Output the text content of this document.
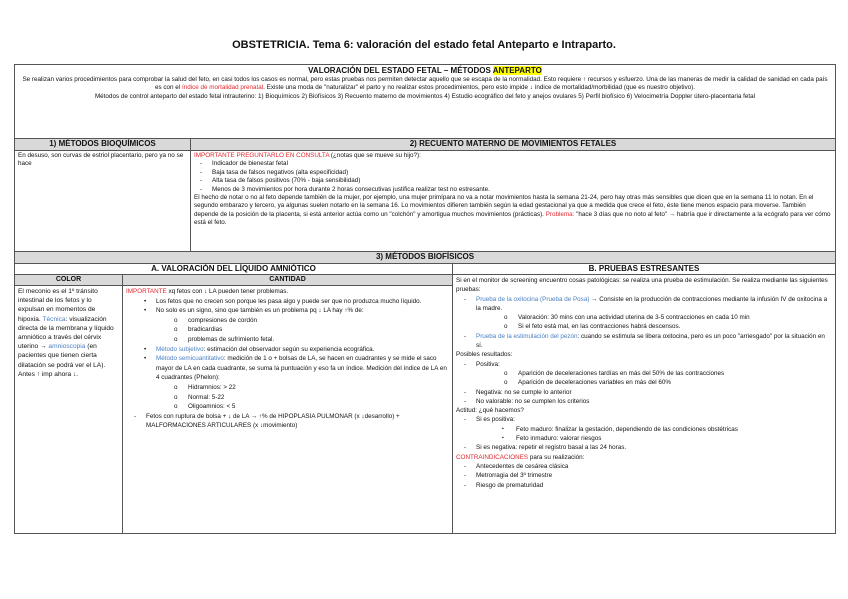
OBSTETRICIA. Tema 6: valoración del estado fetal Anteparto e Intraparto.
VALORACIÓN DEL ESTADO FETAL – MÉTODOS ANTEPARTO

Se realizan varios procedimientos para comprobar la salud del feto, en casi todos los casos es normal, pero estas pruebas nos permiten detectar aquello que se escapa de la normalidad. Esto requiere ↑ recursos y esfuerzo. Una de las maneras de medir la calidad de sanidad en cada país es con el índice de mortalidad prenatal. Existe una moda de "naturalizar" el parto y no realizar estos procedimientos, pero esto impide ↓ índice de mortalidad/morbilidad (que es nuestro objetivo).

Métodos de control anteparto del estado fetal intrauterino: 1) Bioquímicos 2) Biofísicos 3) Recuento materno de movimientos 4) Estudio ecográfico del feto y anejos ovulares 5) Perfil biofísico 6) Velocimetría Doppler útero-placentaria fetal

1) MÉTODOS BIOQUÍMICOS	2) RECUENTO MATERNO DE MOVIMIENTOS FETALES
En desuso, son curvas de estriol placentario, pero ya no se hace

IMPORTANTE PREGUNTARLO EN CONSULTA (¿notas que se mueve su hijo?):

- Indicador de bienestar fetal
- Baja tasa de falsos negativos (alta especificidad)
- Alta tasa de falsos positivos (70% - baja sensibilidad)
- Menos de 3 movimientos por hora durante 2 horas consecutivas justifica realizar test no estresante.

El hecho de notar o no al feto depende también de la mujer, por ejemplo, una mujer primípara no va a notar movimientos hasta la semana 21-24, pero hay otras más sensibles que dicen que en la semana 11 lo notan. En el segundo embarazo y tercero, ya algunas suelen notarlo en la semana 16. Lo movimientos difieren también según la edad gestacional ya que a medida que crece el feto, éste tiene menos espacio para moverse. También depende de la posición de la placenta, si está anterior actúa como un "colchón" y amortigua muchos movimientos (prácticas). Problema: "hace 3 días que no noto al feto" → habría que ir directamente a la ecógrafo para ver cómo está el feto.

3) MÉTODOS BIOFÍSICOS
A. VALORACIÓN DEL LÍQUIDO AMNIÓTICO	B. PRUEBAS ESTRESANTES
COLOR	CANTIDAD
El meconio es el 1º tránsito intestinal de los fetos y lo expulsan en momentos de hipoxia. Técnica: visualización directa de la membrana y líquido amniótico a través del cérvix uterino → amnioscopia (en pacientes que tienen cierta dilatación se podrá ver el LA). Antes ↑ imp ahora ↓.

IMPORTANTE xq fetos con ↓ LA pueden tener problemas.

• Los fetos que no crecen son porque les pasa algo y puede ser que no produzca mucho líquido.
• No solo es un signo, sino que también es un problema pq ↓ LA hay ↑% de:
o compresiones de cordón
o bradicardias
o problemas de sufrimiento fetal.
• Método subjetivo: estimación del observador según su experiencia ecográfica.
• Método semicuantitativo: medición de 1 o + bolsas de LA, se hacen en cuadrantes y se mide el saco mayor de LA en cada cuadrante, se suma la puntuación y eso fa un índice. Medición del índice de LA en 4 cuadrantes (Phelon):
o Hidramnios: > 22
o Normal: 5-22
o Oligoamnios: < 5
- Fetos con ruptura de bolsa + ↓ de LA → ↑% de HIPOPLASIA PULMONAR (x ↓desarrollo) + MALFORMACIONES ARTICULARES (x ↓movimiento)

Si en el monitor de screening encuentro cosas patológicas: se realiza una prueba de estimulación. Se realiza mediante las siguientes pruebas:

- Prueba de la oxitocina (Prueba de Posa) → Consiste en la producción de contracciones mediante la infusión IV de oxitocina a la madre.
o Valoración: 30 mins con una actividad uterina de 3-5 contracciones en cada 10 min
o Si el feto está mal, en las contracciones habrá descensos.
- Prueba de la estimulación del pezón: cuando se estimula se libera oxitocina, pero es un poco "arriesgado" por la situación en sí.

Posibles resultados:

- Positiva:
o Aparición de deceleraciones tardías en más del 50% de las contracciones
o Aparición de deceleraciones variables en más del 60%
- Negativa: no se cumple lo anterior
- No valorable: no se cumplen los criterios

Actitud: ¿qué hacemos?

- Si es positiva:
▪ Feto maduro: finalizar la gestación, dependiendo de las condiciones obstétricas
▪ Feto inmaduro: valorar riesgos
- Si es negativa: repetir el registro basal a las 24 horas.

CONTRAINDICACIONES para su realización:

- Antecedentes de cesárea clásica
- Metrorragia del 3º trimestre
- Riesgo de prematuridad
